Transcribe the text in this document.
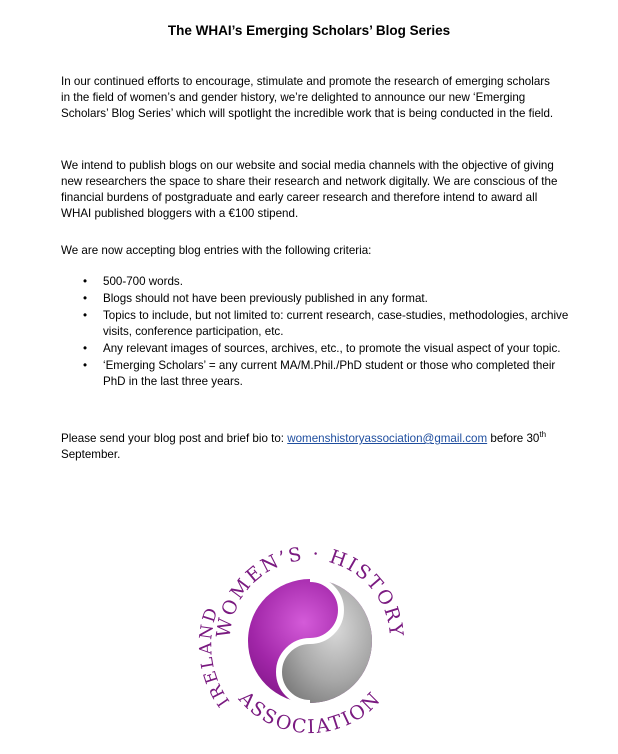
The WHAI’s Emerging Scholars’ Blog Series
In our continued efforts to encourage, stimulate and promote the research of emerging scholars in the field of women’s and gender history, we’re delighted to announce our new ‘Emerging Scholars’ Blog Series’ which will spotlight the incredible work that is being conducted in the field.
We intend to publish blogs on our website and social media channels with the objective of giving new researchers the space to share their research and network digitally. We are conscious of the financial burdens of postgraduate and early career research and therefore intend to award all WHAI published bloggers with a €100 stipend.
We are now accepting blog entries with the following criteria:
• 500-700 words.
• Blogs should not have been previously published in any format.
• Topics to include, but not limited to: current research, case-studies, methodologies, archive visits, conference participation, etc.
• Any relevant images of sources, archives, etc., to promote the visual aspect of your topic.
• ‘Emerging Scholars’ = any current MA/M.Phil./PhD student or those who completed their PhD in the last three years.
Please send your blog post and brief bio to: womenshistoryassociation@gmail.com before 30th September.
WOMEN’S · HISTORY
ASSOCIATION
IRELAND
